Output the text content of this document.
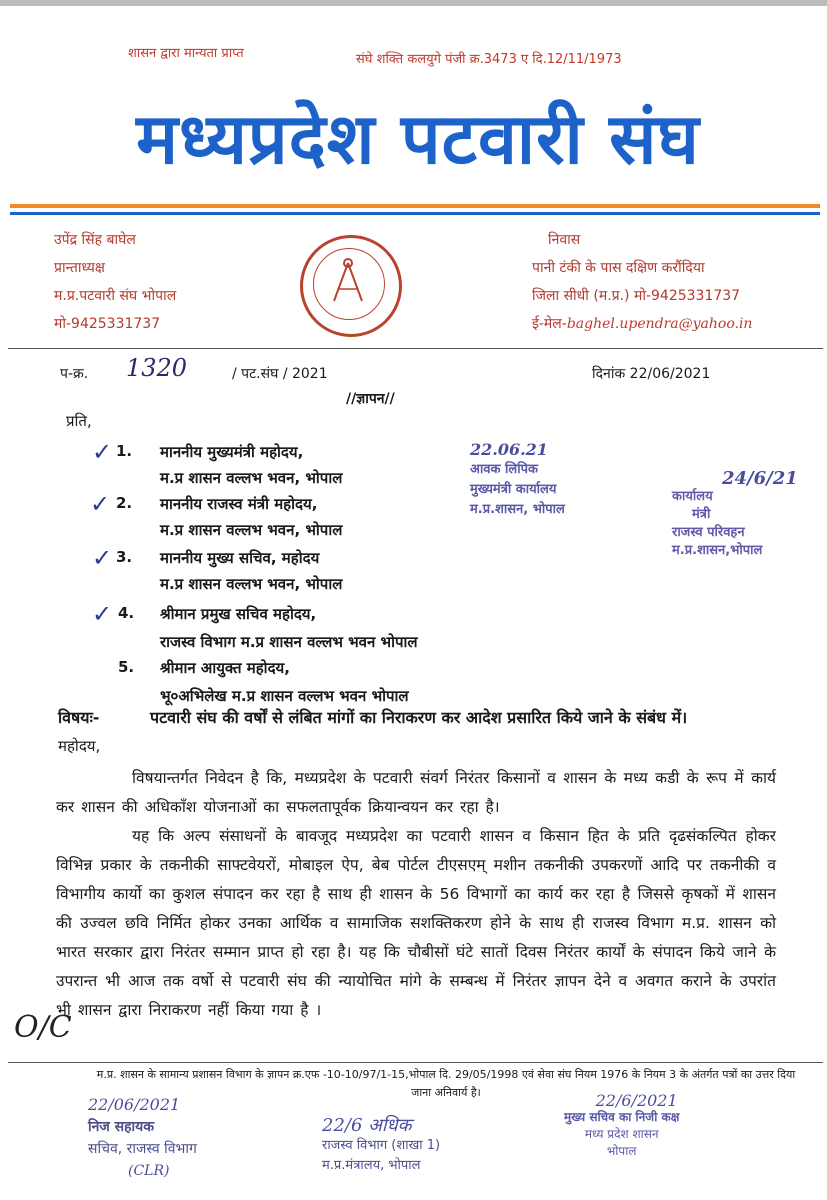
शासन द्वारा मान्यता प्राप्त	संघे शक्ति कलयुगे पंजी क्र.3473 ए दि.12/11/1973
मध्यप्रदेश पटवारी संघ
उपेंद्र सिंह बाघेल
प्रान्ताध्यक्ष
म.प्र.पटवारी संघ भोपाल
मो-9425331737
निवास
पानी टंकी के पास दक्षिण करौंदिया
जिला सीधी (म.प्र.) मो-9425331737
ई-मेल-baghel.upendra@yahoo.in
प-क्र. 1320	/ पट.संघ / 2021	दिनांक 22/06/2021
//ज्ञापन//
प्रति,
✓ 1. माननीय मुख्यमंत्री महोदय,
म.प्र शासन वल्लभ भवन, भोपाल
✓ 2. माननीय राजस्व मंत्री महोदय,
म.प्र शासन वल्लभ भवन, भोपाल
✓ 3. माननीय मुख्य सचिव, महोदय
म.प्र शासन वल्लभ भवन, भोपाल
✓ 4. श्रीमान प्रमुख सचिव महोदय,
राजस्व विभाग म.प्र शासन वल्लभ भवन भोपाल
5. श्रीमान आयुक्त महोदय,
भू०अभिलेख म.प्र शासन वल्लभ भवन भोपाल
22.06.21
आवक लिपिक
मुख्यमंत्री कार्यालय
म.प्र.शासन, भोपाल
24/6/21
कार्यालय
मंत्री
राजस्व परिवहन
म.प्र.शासन,भोपाल
विषयः-	पटवारी संघ की वर्षों से लंबित मांगों का निराकरण कर आदेश प्रसारित किये जाने के संबंध में।
महोदय,
विषयान्तर्गत निवेदन है कि, मध्यप्रदेश के पटवारी संवर्ग निरंतर किसानों व शासन के मध्य कडी के रूप में कार्य कर शासन की अधिकाँश योजनाओं का सफलतापूर्वक क्रियान्वयन कर रहा है।
यह कि अल्प संसाधनों के बावजूद मध्यप्रदेश का पटवारी शासन व किसान हित के प्रति दृढसंकल्पित होकर विभिन्न प्रकार के तकनीकी साफ्टवेयरों, मोबाइल ऐप, बेब पोर्टल टीएसएम् मशीन तकनीकी उपकरणों आदि पर तकनीकी व विभागीय कार्यो का कुशल संपादन कर रहा है साथ ही शासन के 56 विभागों का कार्य कर रहा है जिससे कृषकों में शासन की उज्वल छवि निर्मित होकर उनका आर्थिक व सामाजिक सशक्तिकरण होने के साथ ही राजस्व विभाग म.प्र. शासन को भारत सरकार द्वारा निरंतर सम्मान प्राप्त हो रहा है। यह कि चौबीसों घंटे सातों दिवस निरंतर कार्यों के संपादन किये जाने के उपरान्त भी आज तक वर्षो से पटवारी संघ की न्यायोचित मांगे के सम्बन्ध में निरंतर ज्ञापन देने व अवगत कराने के उपरांत भी शासन द्वारा निराकरण नहीं किया गया है ।
O/C
म.प्र. शासन के सामान्य प्रशासन विभाग के ज्ञापन क्र.एफ -10-10/97/1-15,भोपाल दि. 29/05/1998 एवं सेवा संघ नियम 1976 के नियम 3 के अंतर्गत पत्रों का उत्तर दिया जाना अनिवार्य है।
22/06/2021
निज सहायक
सचिव, राजस्व विभाग
(CLR)
22/6 अधिक
राजस्व विभाग (शाखा 1)
म.प्र.मंत्रालय, भोपाल
22/6/2021
मुख्य सचिव का निजी कक्ष
मध्य प्रदेश शासन
भोपाल
